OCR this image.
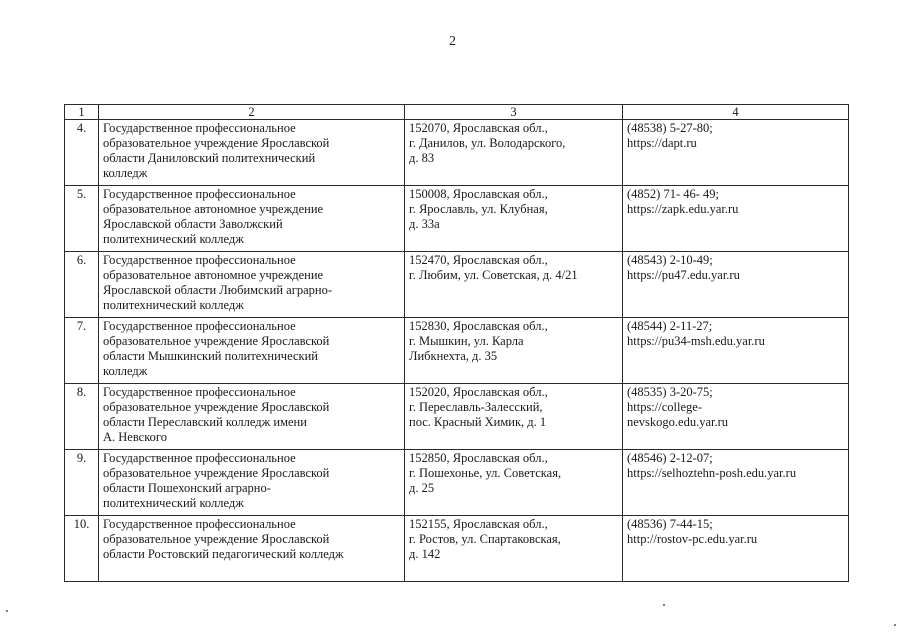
2
1	2	3	4
4.	Государственное профессиональное
образовательное учреждение Ярославской
области Даниловский политехнический
колледж	152070, Ярославская обл.,
г. Данилов, ул. Володарского,
д. 83	(48538) 5-27-80;
https://dapt.ru

5.	Государственное профессиональное
образовательное автономное учреждение
Ярославской области Заволжский
политехнический колледж	150008, Ярославская обл.,
г. Ярославль, ул. Клубная,
д. 33а	(4852) 71- 46- 49;
https://zapk.edu.yar.ru

6.	Государственное профессиональное
образовательное автономное учреждение
Ярославской области Любимский аграрно-
политехнический колледж	152470, Ярославская обл.,
г. Любим, ул. Советская, д. 4/21	(48543) 2-10-49;
https://pu47.edu.yar.ru

7.	Государственное профессиональное
образовательное учреждение Ярославской
области Мышкинский политехнический
колледж	152830, Ярославская обл.,
г. Мышкин, ул. Карла
Либкнехта, д. 35	(48544) 2-11-27;
https://pu34-msh.edu.yar.ru

8.	Государственное профессиональное
образовательное учреждение Ярославской
области Переславский колледж имени
А. Невского	152020, Ярославская обл.,
г. Переславль-Залесский,
пос. Красный Химик, д. 1	(48535) 3-20-75;
https://college-
nevskogo.edu.yar.ru

9.	Государственное профессиональное
образовательное учреждение Ярославской
области Пошехонский аграрно-
политехнический колледж	152850, Ярославская обл.,
г. Пошехонье, ул. Советская,
д. 25	(48546) 2-12-07;
https://selhoztehn-posh.edu.yar.ru

10.	Государственное профессиональное
образовательное учреждение Ярославской
области Ростовский педагогический колледж	152155, Ярославская обл.,
г. Ростов, ул. Спартаковская,
д. 142	(48536) 7-44-15;
http://rostov-pc.edu.yar.ru
